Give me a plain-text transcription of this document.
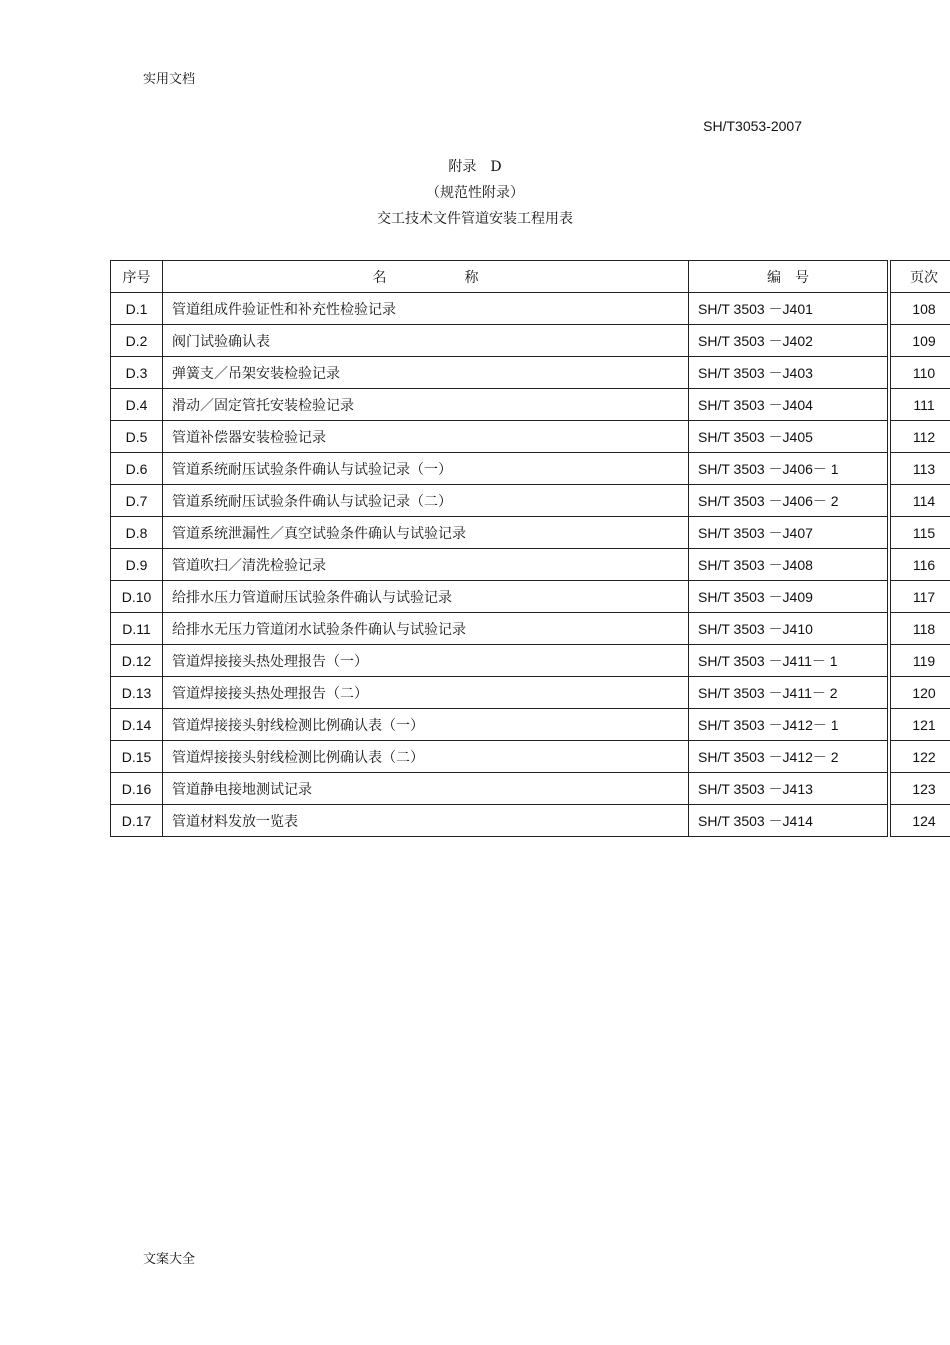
实用文档
SH/T3053-2007
附录　D
（规范性附录）
交工技术文件管道安装工程用表
序号	名称	编号		页次
D.1	管道组成件验证性和补充性检验记录	SH/T 3503 －J401		108
D.2	阀门试验确认表	SH/T 3503 －J402		109
D.3	弹簧支／吊架安装检验记录	SH/T 3503 －J403		110
D.4	滑动／固定管托安装检验记录	SH/T 3503 －J404		111
D.5	管道补偿器安装检验记录	SH/T 3503 －J405		112
D.6	管道系统耐压试验条件确认与试验记录（一）	SH/T 3503 －J406－ 1		113
D.7	管道系统耐压试验条件确认与试验记录（二）	SH/T 3503 －J406－ 2		114
D.8	管道系统泄漏性／真空试验条件确认与试验记录	SH/T 3503 －J407		115
D.9	管道吹扫／清洗检验记录	SH/T 3503 －J408		116
D.10	给排水压力管道耐压试验条件确认与试验记录	SH/T 3503 －J409		117
D.11	给排水无压力管道闭水试验条件确认与试验记录	SH/T 3503 －J410		118
D.12	管道焊接接头热处理报告（一）	SH/T 3503 －J411－ 1		119
D.13	管道焊接接头热处理报告（二）	SH/T 3503 －J411－ 2		120
D.14	管道焊接接头射线检测比例确认表（一）	SH/T 3503 －J412－ 1		121
D.15	管道焊接接头射线检测比例确认表（二）	SH/T 3503 －J412－ 2		122
D.16	管道静电接地测试记录	SH/T 3503 －J413		123
D.17	管道材料发放一览表	SH/T 3503 －J414		124
文案大全
